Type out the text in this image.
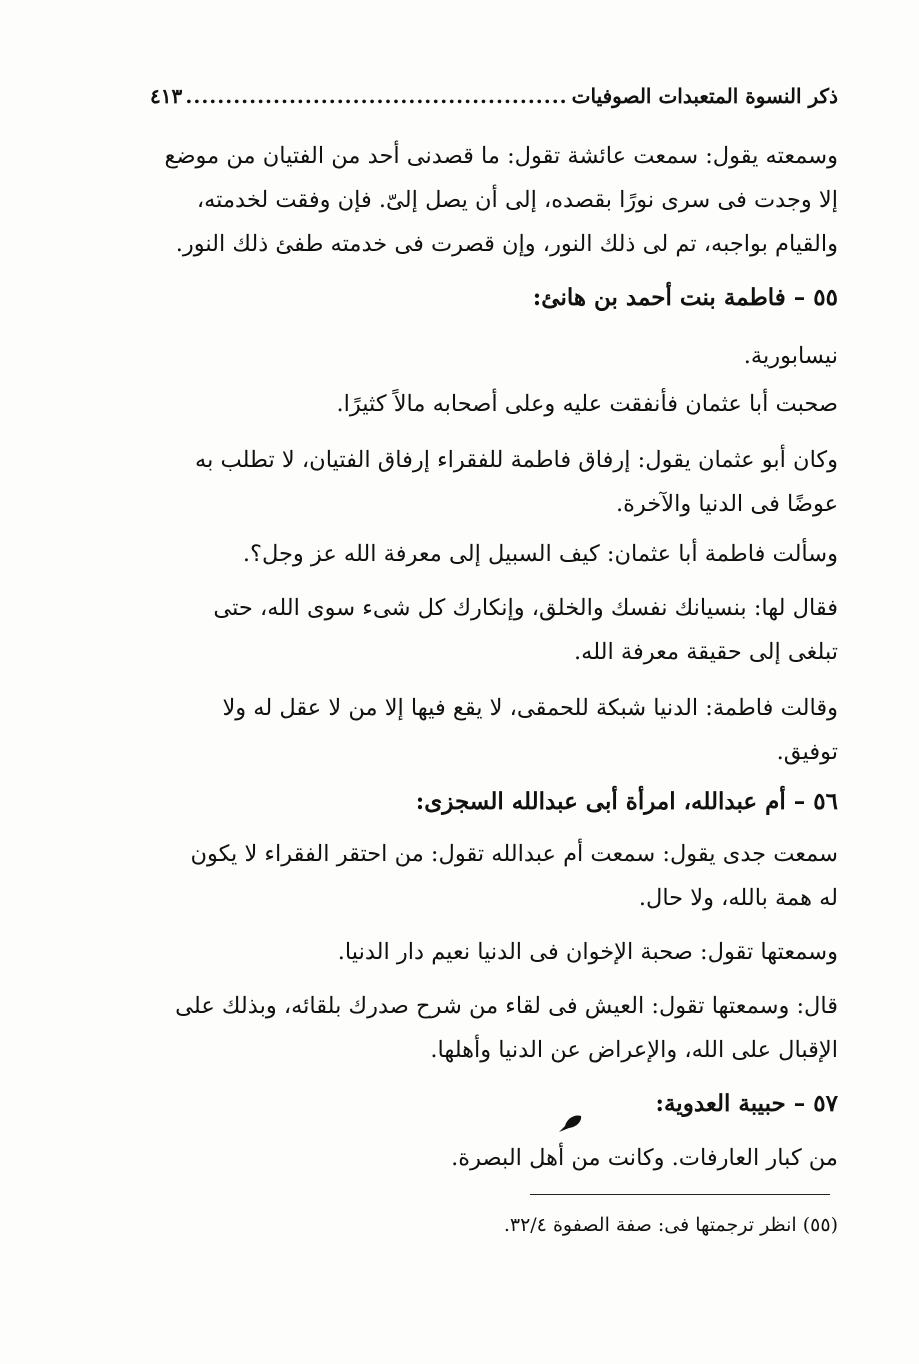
ذكر النسوة المتعبدات الصوفيات
.....
٤١٣
وسمعته يقول: سمعت عائشة تقول: ما قصدنى أحد من الفتيان من موضع
إلا وجدت فى سرى نورًا بقصده، إلى أن يصل إلىّ. فإن وفقت لخدمته،
والقيام بواجبه، تم لى ذلك النور، وإن قصرت فى خدمته طفئ ذلك النور.
٥٥ – فاطمة بنت أحمد بن هانئ:
نيسابورية.
صحبت أبا عثمان فأنفقت عليه وعلى أصحابه مالاً كثيرًا.
وكان أبو عثمان يقول: إرفاق فاطمة للفقراء إرفاق الفتيان، لا تطلب به
عوضًا فى الدنيا والآخرة.
وسألت فاطمة أبا عثمان: كيف السبيل إلى معرفة الله عز وجل؟.
فقال لها: بنسيانك نفسك والخلق، وإنكارك كل شىء سوى الله، حتى
تبلغى إلى حقيقة معرفة الله.
وقالت فاطمة: الدنيا شبكة للحمقى، لا يقع فيها إلا من لا عقل له ولا
توفيق.
٥٦ – أم عبدالله، امرأة أبى عبدالله السجزى:
سمعت جدى يقول: سمعت أم عبدالله تقول: من احتقر الفقراء لا يكون
له همة بالله، ولا حال.
وسمعتها تقول: صحبة الإخوان فى الدنيا نعيم دار الدنيا.
قال: وسمعتها تقول: العيش فى لقاء من شرح صدرك بلقائه، وبذلك على
الإقبال على الله، والإعراض عن الدنيا وأهلها.
٥٧ – حبيبة العدوية:
من كبار العارفات. وكانت من أهل البصرة.
(٥٥) انظر ترجمتها فى: صفة الصفوة ٣٢/٤.
